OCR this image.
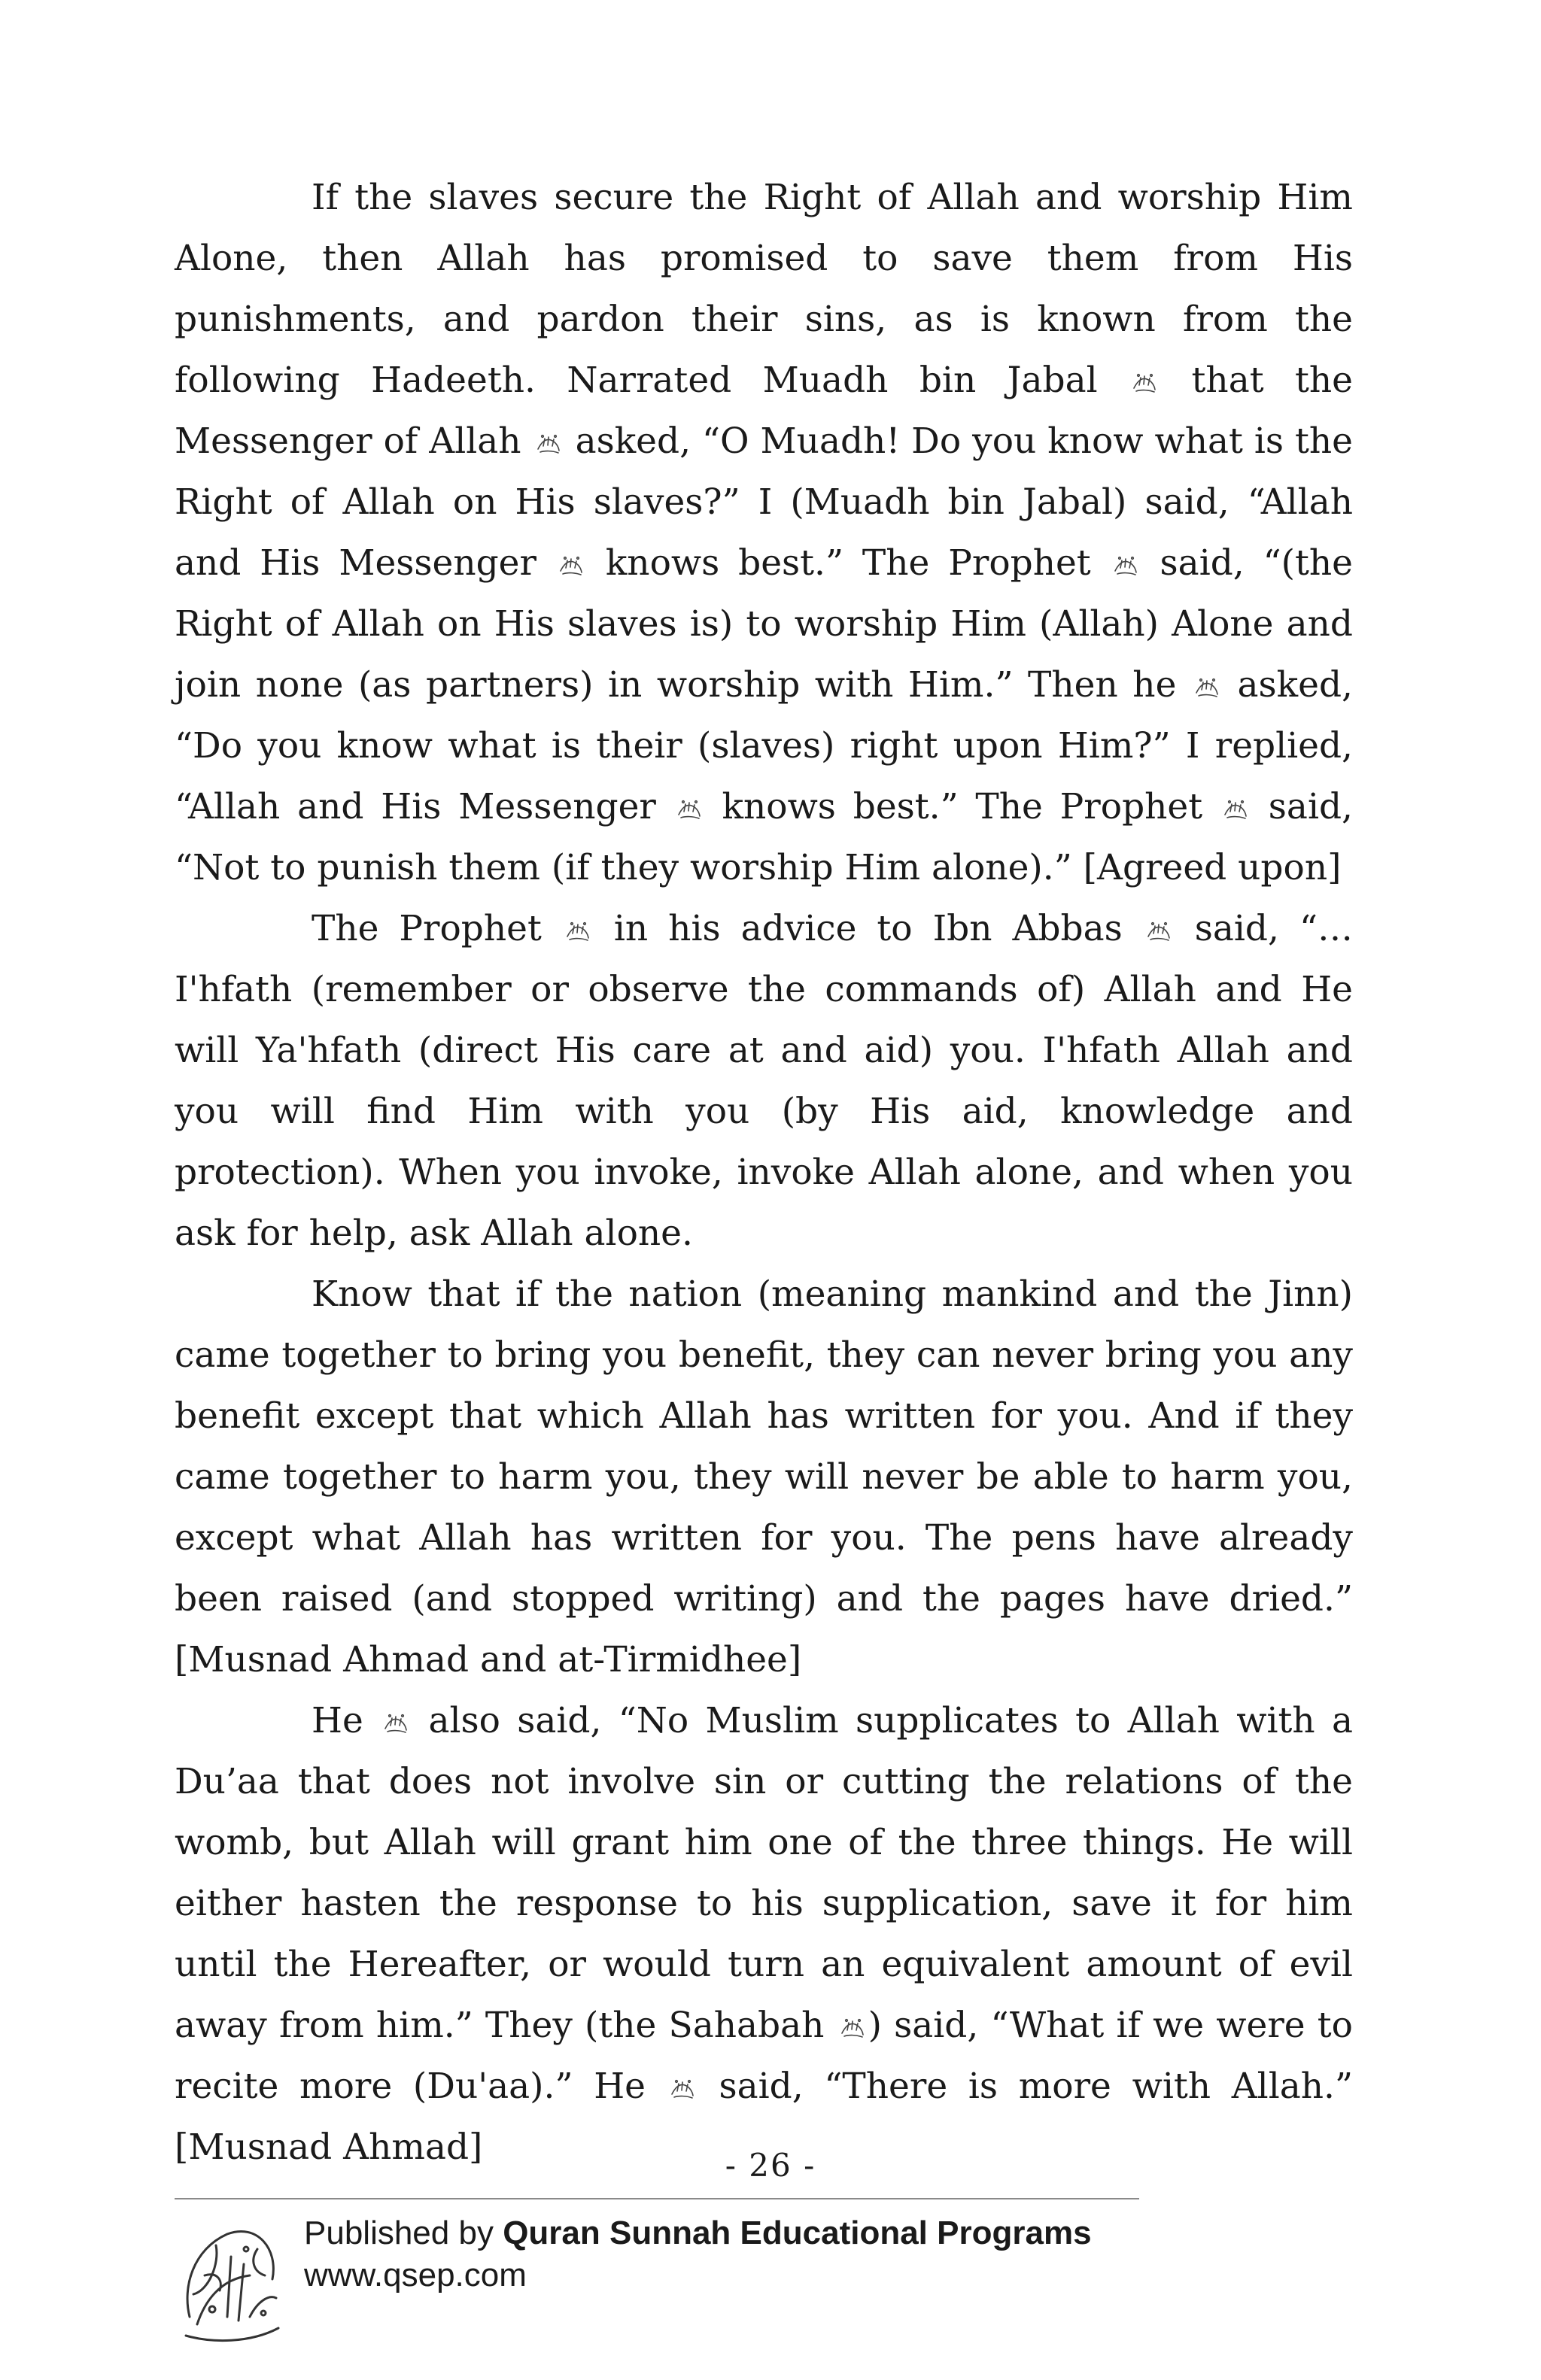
If the slaves secure the Right of Allah and worship Him Alone, then Allah has promised to save them from His punishments, and pardon their sins, as is known from the following Hadeeth. Narrated Muadh bin Jabal	that the Messenger of Allah asked, “O Muadh! Do you know what is the Right of Allah on His slaves?” I (Muadh bin Jabal) said, “Allah and His Messenger knows best.” The Prophet said, “(the Right of Allah on His slaves is) to worship Him (Allah) Alone and join none (as partners) in worship with Him.” Then he asked, “Do you know what is their (slaves) right upon Him?” I replied, “Allah and His Messenger knows best.” The Prophet said, “Not to punish them (if they worship Him alone).” [Agreed upon]

The Prophet in his advice to Ibn Abbas said, “…I'hfath (remember or observe the commands of) Allah and He will Ya'hfath (direct His care at and aid) you. I'hfath Allah and you will find Him with you (by His aid, knowledge and protection). When you invoke, invoke Allah alone, and when you ask for help, ask Allah alone.

Know that if the nation (meaning mankind and the Jinn) came together to bring you benefit, they can never bring you any benefit except that which Allah has written for you. And if they came together to harm you, they will never be able to harm you, except what Allah has written for you. The pens have already been raised (and stopped writing) and the pages have dried.” [Musnad Ahmad and at-Tirmidhee]

He also said, “No Muslim supplicates to Allah with a Du’aa that does not involve sin or cutting the relations of the womb, but Allah will grant him one of the three things. He will either hasten the response to his supplication, save it for him until the Hereafter, or would turn an equivalent amount of evil away from him.” They (the Sahabah ) said, “What if we were to recite more (Du'aa).” He said, “There is more with Allah.” [Musnad Ahmad]	- 26 -
Published by Quran Sunnah Educational Programs
www.qsep.com
